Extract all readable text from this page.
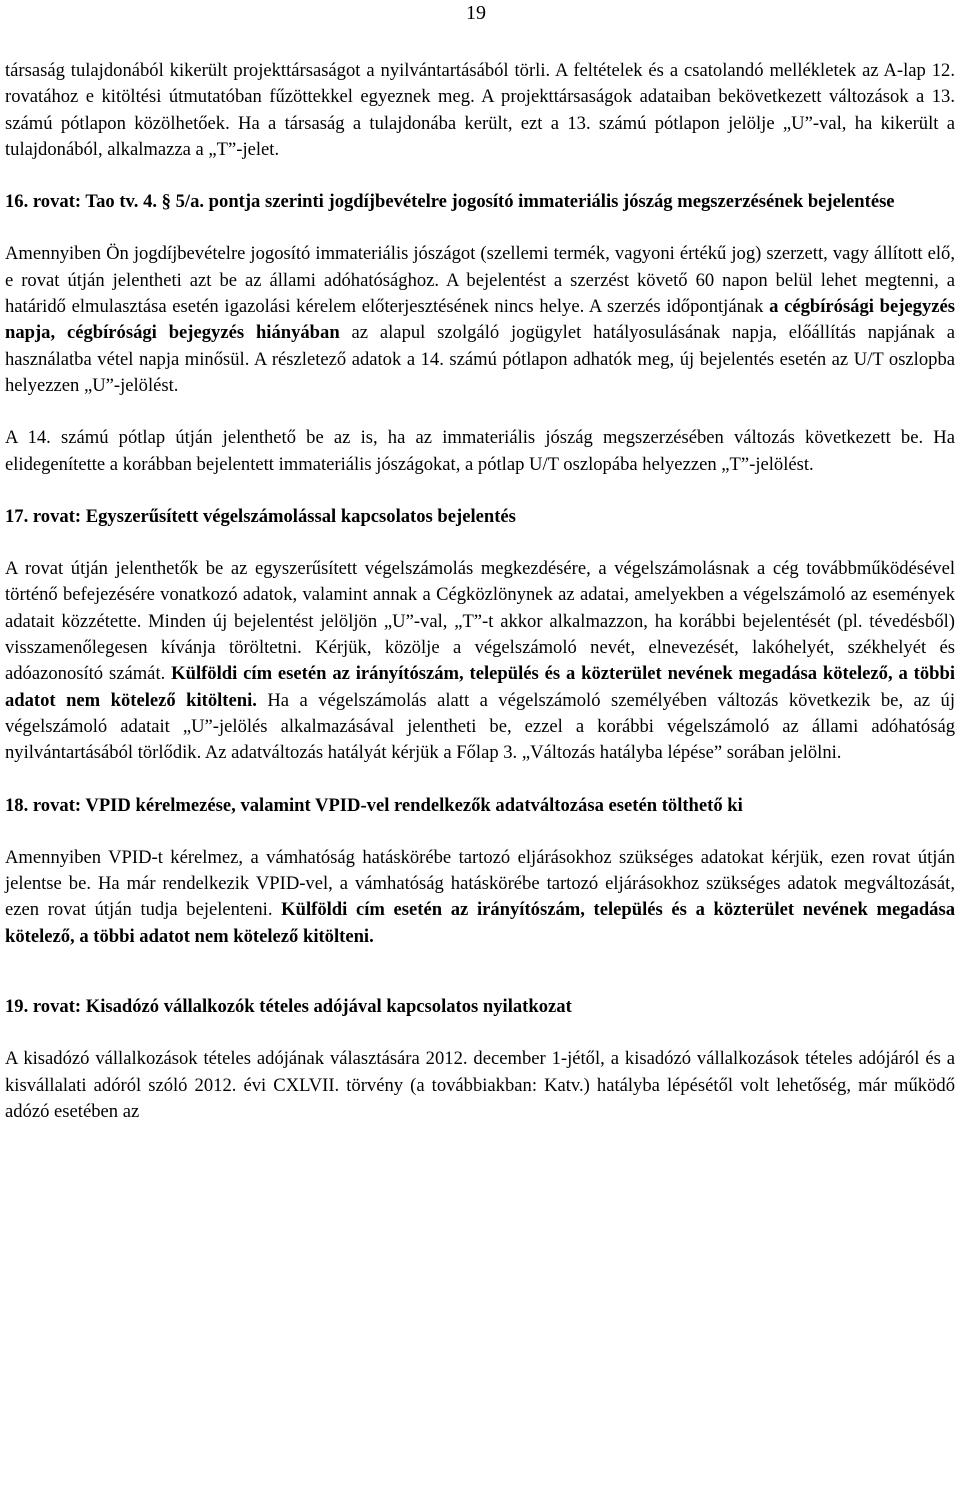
19

társaság tulajdonából kikerült projekttársaságot a nyilvántartásából törli. A feltételek és a csatolandó mellékletek az A-lap 12. rovatához e kitöltési útmutatóban fűzöttekkel egyeznek meg. A projekttársaságok adataiban bekövetkezett változások a 13. számú pótlapon közölhetőek. Ha a társaság a tulajdonába került, ezt a 13. számú pótlapon jelölje „U”-val, ha kikerült a tulajdonából, alkalmazza a „T”-jelet.

16. rovat: Tao tv. 4. § 5/a. pontja szerinti jogdíjbevételre jogosító immateriális jószág megszerzésének bejelentése

Amennyiben Ön jogdíjbevételre jogosító immateriális jószágot (szellemi termék, vagyoni értékű jog) szerzett, vagy állított elő, e rovat útján jelentheti azt be az állami adóhatósághoz. A bejelentést a szerzést követő 60 napon belül lehet megtenni, a határidő elmulasztása esetén igazolási kérelem előterjesztésének nincs helye. A szerzés időpontjának a cégbírósági bejegyzés napja, cégbírósági bejegyzés hiányában az alapul szolgáló jogügylet hatályosulásának napja, előállítás napjának a használatba vétel napja minősül. A részletező adatok a 14. számú pótlapon adhatók meg, új bejelentés esetén az U/T oszlopba helyezzen „U”-jelölést.

A 14. számú pótlap útján jelenthető be az is, ha az immateriális jószág megszerzésében változás következett be. Ha elidegenítette a korábban bejelentett immateriális jószágokat, a pótlap U/T oszlopába helyezzen „T”-jelölést.

17. rovat: Egyszerűsített végelszámolással kapcsolatos bejelentés

A rovat útján jelenthetők be az egyszerűsített végelszámolás megkezdésére, a végelszámolásnak a cég továbbműködésével történő befejezésére vonatkozó adatok, valamint annak a Cégközlönynek az adatai, amelyekben a végelszámoló az események adatait közzétette. Minden új bejelentést jelöljön „U”-val, „T”-t akkor alkalmazzon, ha korábbi bejelentését (pl. tévedésből) visszamenőlegesen kívánja töröltetni. Kérjük, közölje a végelszámoló nevét, elnevezését, lakóhelyét, székhelyét és adóazonosító számát. Külföldi cím esetén az irányítószám, település és a közterület nevének megadása kötelező, a többi adatot nem kötelező kitölteni. Ha a végelszámolás alatt a végelszámoló személyében változás következik be, az új végelszámoló adatait „U”-jelölés alkalmazásával jelentheti be, ezzel a korábbi végelszámoló az állami adóhatóság nyilvántartásából törlődik. Az adatváltozás hatályát kérjük a Főlap 3. „Változás hatályba lépése” sorában jelölni.

18. rovat: VPID kérelmezése, valamint VPID-vel rendelkezők adatváltozása esetén tölthető ki

Amennyiben VPID-t kérelmez, a vámhatóság hatáskörébe tartozó eljárásokhoz szükséges adatokat kérjük, ezen rovat útján jelentse be. Ha már rendelkezik VPID-vel, a vámhatóság hatáskörébe tartozó eljárásokhoz szükséges adatok megváltozását, ezen rovat útján tudja bejelenteni. Külföldi cím esetén az irányítószám, település és a közterület nevének megadása kötelező, a többi adatot nem kötelező kitölteni.

19. rovat: Kisadózó vállalkozók tételes adójával kapcsolatos nyilatkozat

A kisadózó vállalkozások tételes adójának választására 2012. december 1-jétől, a kisadózó vállalkozások tételes adójáról és a kisvállalati adóról szóló 2012. évi CXLVII. törvény (a továbbiakban: Katv.) hatályba lépésétől volt lehetőség, már működő adózó esetében az
